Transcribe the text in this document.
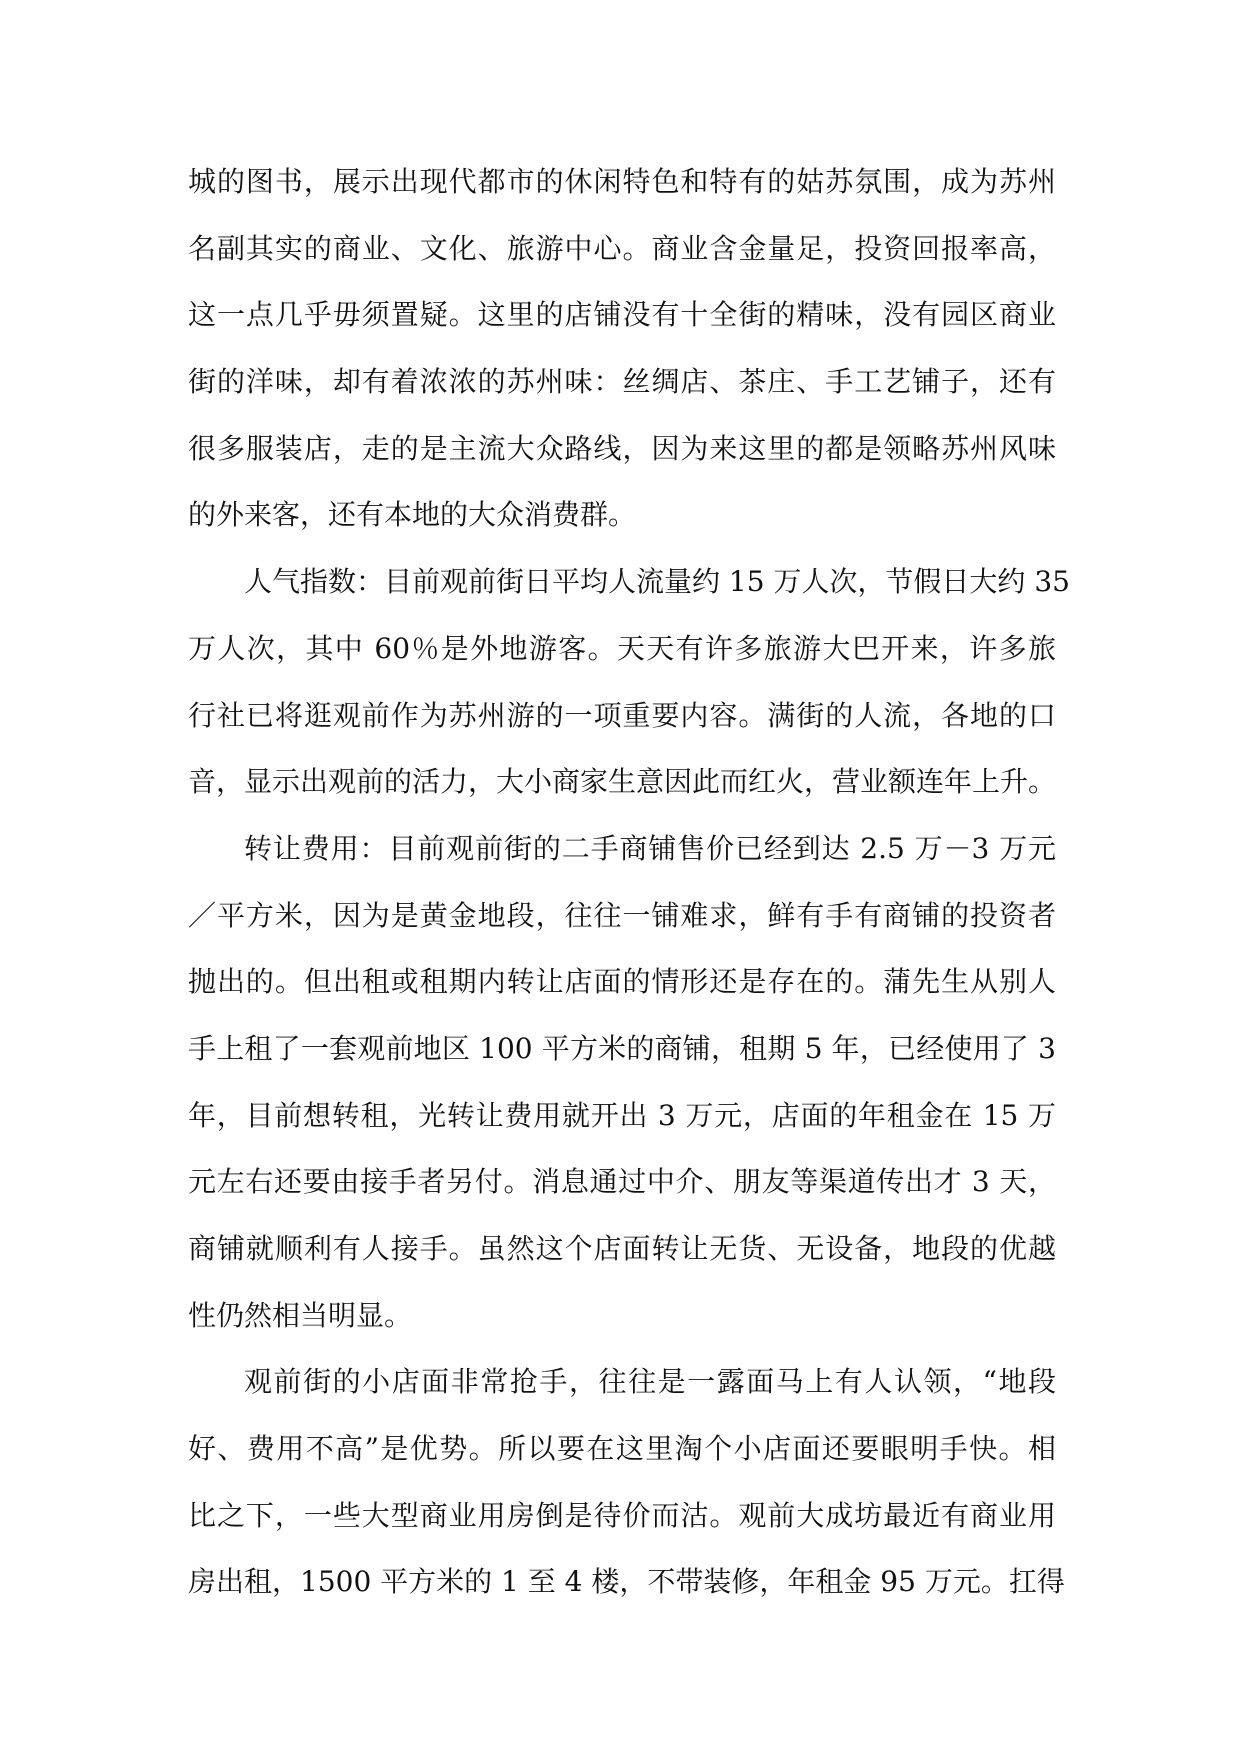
城的图书，展示出现代都市的休闲特色和特有的姑苏氛围，成为苏州
名副其实的商业、文化、旅游中心。商业含金量足，投资回报率高，
这一点几乎毋须置疑。这里的店铺没有十全街的精味，没有园区商业
街的洋味，却有着浓浓的苏州味：丝绸店、茶庄、手工艺铺子，还有
很多服装店，走的是主流大众路线，因为来这里的都是领略苏州风味
的外来客，还有本地的大众消费群。
人气指数：目前观前街日平均人流量约 15 万人次，节假日大约 35
万人次，其中 60％是外地游客。天天有许多旅游大巴开来，许多旅
行社已将逛观前作为苏州游的一项重要内容。满街的人流，各地的口
音，显示出观前的活力，大小商家生意因此而红火，营业额连年上升。
转让费用：目前观前街的二手商铺售价已经到达 2.5 万－3 万元
／平方米，因为是黄金地段，往往一铺难求，鲜有手有商铺的投资者
抛出的。但出租或租期内转让店面的情形还是存在的。蒲先生从别人
手上租了一套观前地区 100 平方米的商铺，租期 5 年，已经使用了 3
年，目前想转租，光转让费用就开出 3 万元，店面的年租金在 15 万
元左右还要由接手者另付。消息通过中介、朋友等渠道传出才 3 天，
商铺就顺利有人接手。虽然这个店面转让无货、无设备，地段的优越
性仍然相当明显。
观前街的小店面非常抢手，往往是一露面马上有人认领，“地段
好、费用不高”是优势。所以要在这里淘个小店面还要眼明手快。相
比之下，一些大型商业用房倒是待价而沽。观前大成坊最近有商业用
房出租，1500 平方米的 1 至 4 楼，不带装修，年租金 95 万元。扛得
